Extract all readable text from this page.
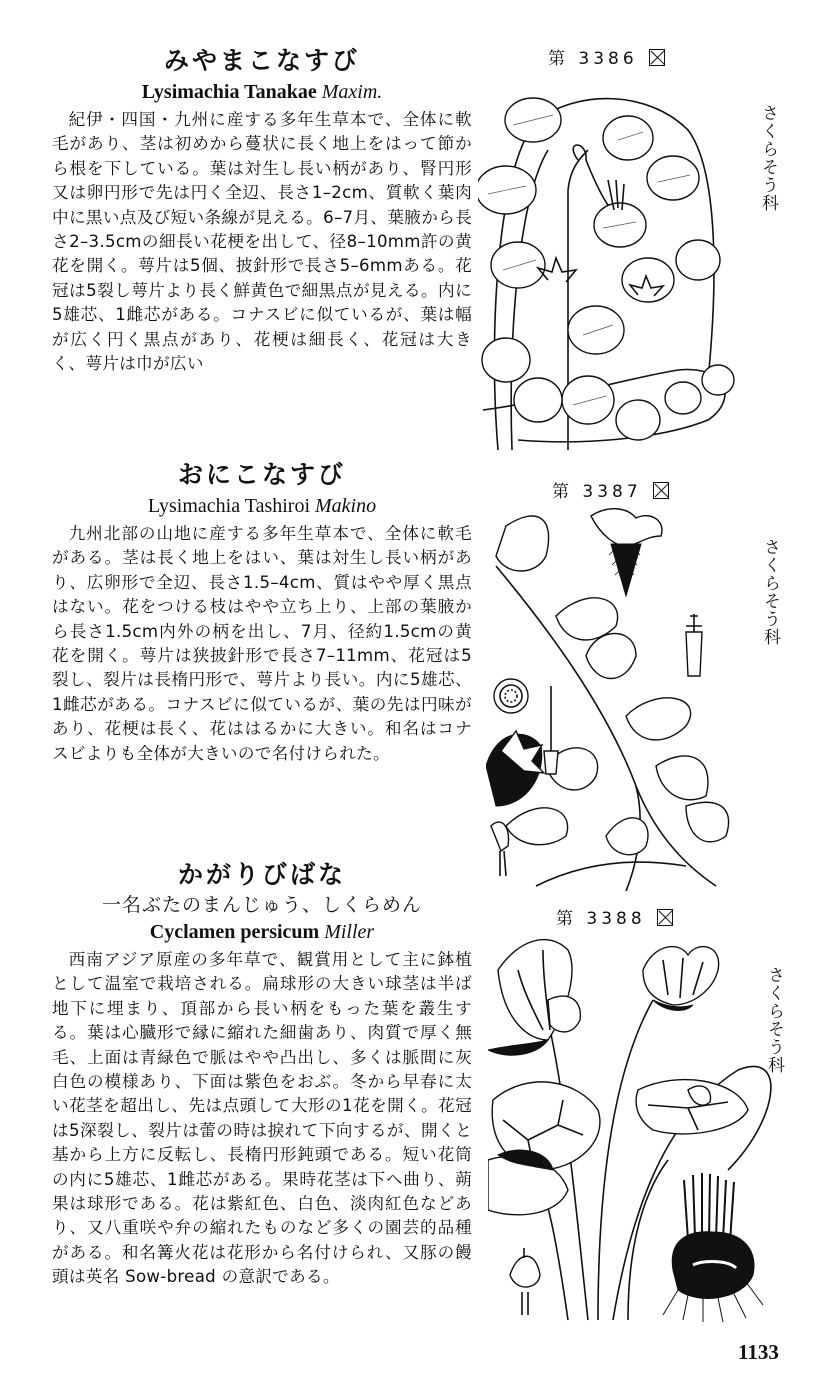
みやまこなすび
Lysimachia Tanakae Maxim.

紀伊・四国・九州に産する多年生草本で、全体に軟毛があり、茎は初めから蔓状に長く地上をはって節から根を下している。葉は対生し長い柄があり、腎円形又は卵円形で先は円く全辺、長さ1–2cm、質軟く葉肉中に黒い点及び短い条線が見える。6–7月、葉腋から長さ2–3.5cmの細長い花梗を出して、径8–10mm許の黄花を開く。萼片は5個、披針形で長さ5–6mmある。花冠は5裂し萼片より長く鮮黄色で細黒点が見える。内に5雄芯、1雌芯がある。コナスビに似ているが、葉は幅が広く円く黒点があり、花梗は細長く、花冠は大きく、萼片は巾が広い

おにこなすび
Lysimachia Tashiroi Makino

九州北部の山地に産する多年生草本で、全体に軟毛がある。茎は長く地上をはい、葉は対生し長い柄があり、広卵形で全辺、長さ1.5–4cm、質はやや厚く黒点はない。花をつける枝はやや立ち上り、上部の葉腋から長さ1.5cm内外の柄を出し、7月、径約1.5cmの黄花を開く。萼片は狭披針形で長さ7–11mm、花冠は5裂し、裂片は長楕円形で、萼片より長い。内に5雄芯、1雌芯がある。コナスビに似ているが、葉の先は円味があり、花梗は長く、花ははるかに大きい。和名はコナスビよりも全体が大きいので名付けられた。

かがりびばな
一名ぶたのまんじゅう、しくらめん
Cyclamen persicum Miller

西南アジア原産の多年草で、観賞用として主に鉢植として温室で栽培される。扁球形の大きい球茎は半ば地下に埋まり、頂部から長い柄をもった葉を叢生する。葉は心臓形で縁に縮れた細歯あり、肉質で厚く無毛、上面は青緑色で脈はやや凸出し、多くは脈間に灰白色の模様あり、下面は紫色をおぶ。冬から早春に太い花茎を超出し、先は点頭して大形の1花を開く。花冠は5深裂し、裂片は蕾の時は捩れて下向するが、開くと基から上方に反転し、長楕円形鈍頭である。短い花筒の内に5雄芯、1雌芯がある。果時花茎は下へ曲り、蒴果は球形である。花は紫紅色、白色、淡肉紅色などあり、又八重咲や弁の縮れたものなど多くの園芸的品種がある。和名篝火花は花形から名付けられ、又豚の饅頭は英名 Sow-bread の意訳である。

第 3386
第 3387
第 3388
さくらそう科
さくらそう科
さくらそう科
1133
